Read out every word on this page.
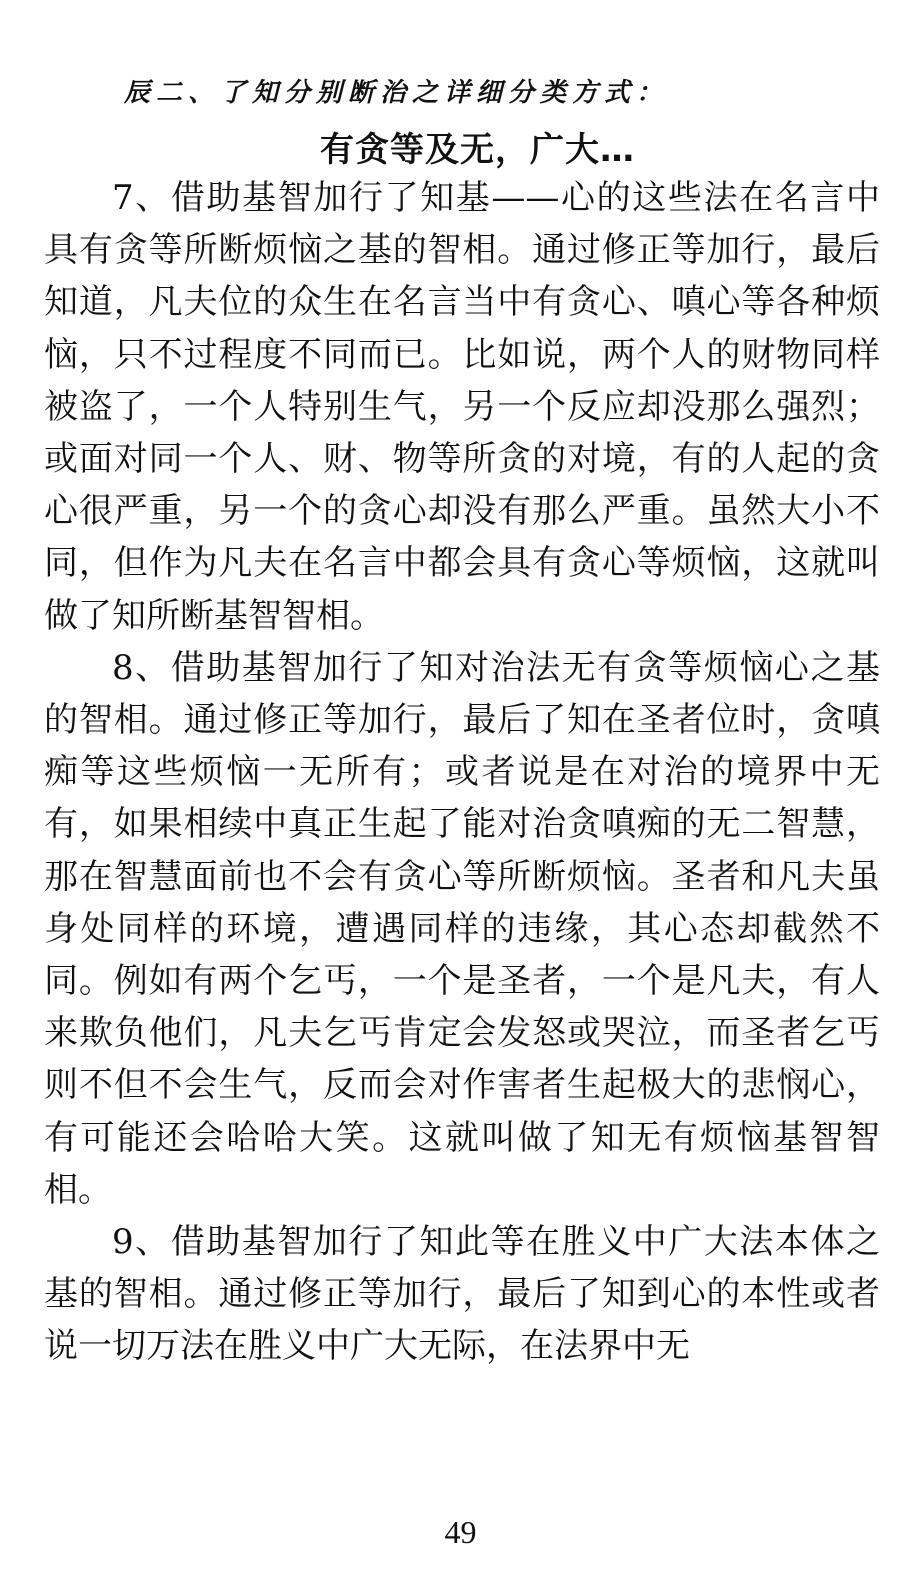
辰二、了知分别断治之详细分类方式：
有贪等及无，广大…

7、借助基智加行了知基——心的这些法在名言中具有贪等所断烦恼之基的智相。通过修正等加行，最后知道，凡夫位的众生在名言当中有贪心、嗔心等各种烦恼，只不过程度不同而已。比如说，两个人的财物同样被盗了，一个人特别生气，另一个反应却没那么强烈；或面对同一个人、财、物等所贪的对境，有的人起的贪心很严重，另一个的贪心却没有那么严重。虽然大小不同，但作为凡夫在名言中都会具有贪心等烦恼，这就叫做了知所断基智智相。

8、借助基智加行了知对治法无有贪等烦恼心之基的智相。通过修正等加行，最后了知在圣者位时，贪嗔痴等这些烦恼一无所有；或者说是在对治的境界中无有，如果相续中真正生起了能对治贪嗔痴的无二智慧，那在智慧面前也不会有贪心等所断烦恼。圣者和凡夫虽身处同样的环境，遭遇同样的违缘，其心态却截然不同。例如有两个乞丐，一个是圣者，一个是凡夫，有人来欺负他们，凡夫乞丐肯定会发怒或哭泣，而圣者乞丐则不但不会生气，反而会对作害者生起极大的悲悯心，有可能还会哈哈大笑。这就叫做了知无有烦恼基智智相。

9、借助基智加行了知此等在胜义中广大法本体之基的智相。通过修正等加行，最后了知到心的本性或者说一切万法在胜义中广大无际，在法界中无

49
